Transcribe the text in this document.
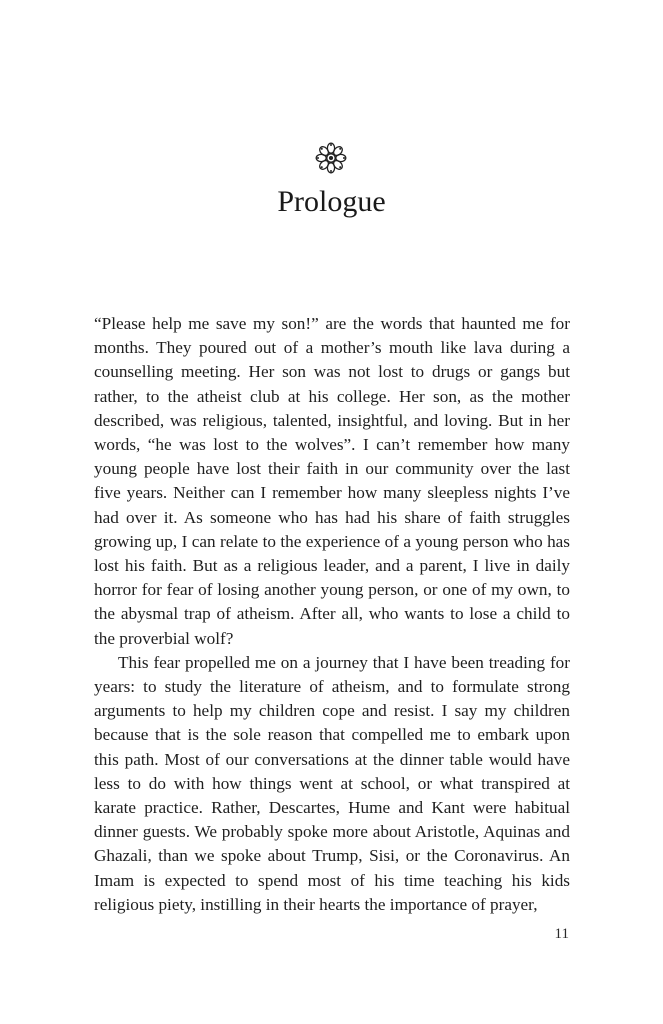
Prologue

“Please help me save my son!” are the words that haunted me for months. They poured out of a mother’s mouth like lava during a counselling meeting. Her son was not lost to drugs or gangs but rather, to the atheist club at his college. Her son, as the mother described, was religious, talented, insightful, and loving. But in her words, “he was lost to the wolves”. I can’t remember how many young people have lost their faith in our community over the last five years. Neither can I remember how many sleepless nights I’ve had over it. As someone who has had his share of faith struggles growing up, I can relate to the experience of a young person who has lost his faith. But as a religious leader, and a parent, I live in daily horror for fear of losing another young person, or one of my own, to the abysmal trap of atheism. After all, who wants to lose a child to the proverbial wolf?

This fear propelled me on a journey that I have been treading for years: to study the literature of atheism, and to formulate strong arguments to help my children cope and resist. I say my children because that is the sole reason that compelled me to embark upon this path. Most of our conversations at the dinner table would have less to do with how things went at school, or what transpired at karate practice. Rather, Descartes, Hume and Kant were habitual dinner guests. We probably spoke more about Aristotle, Aquinas and Ghazali, than we spoke about Trump, Sisi, or the Coronavirus. An Imam is expected to spend most of his time teaching his kids religious piety, instilling in their hearts the importance of prayer,

11
